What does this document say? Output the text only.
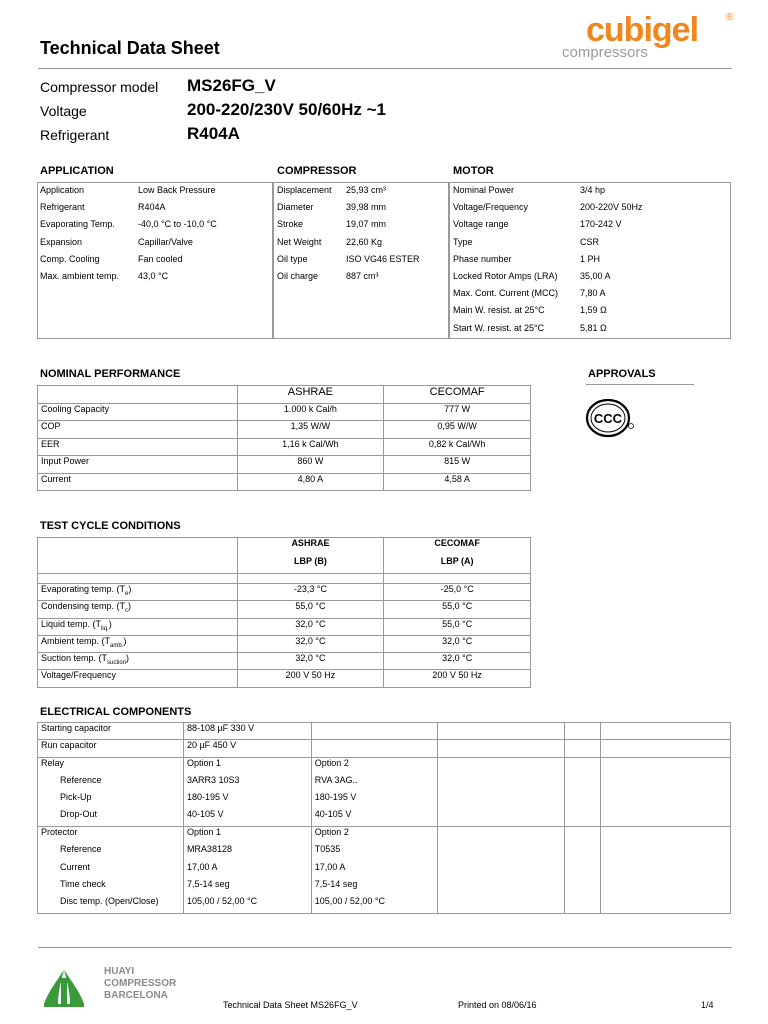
Technical Data Sheet	cubigel	®
compressors
Compressor model MS26FG_V
Voltage	200-220/230V 50/60Hz ~1
Refrigerant	R404A
APPLICATION	COMPRESSOR	MOTOR
Application	Low Back Pressure
Refrigerant	R404A
Evaporating Temp.	-40,0 °C to -10,0 °C
Expansion	Capillar/Valve
Comp. Cooling	Fan cooled
Max. ambient temp.	43,0 °C
Displacement	25,93 cm³
Diameter	39,98 mm
Stroke	19,07 mm
Net Weight	22,60 Kg
Oil type	ISO VG46 ESTER
Oil charge	887 cm³
Nominal Power	3/4 hp
Voltage/Frequency	200-220V 50Hz
Voltage range	170-242 V
Type	CSR
Phase number	1 PH
Locked Rotor Amps (LRA)	35,00 A
Max. Cont. Current (MCC)	7,80 A
Main W. resist. at 25°C	1,59 Ω
Start W. resist. at 25°C	5,81 Ω
NOMINAL PERFORMANCE	APPROVALS
	ASHRAE	CECOMAF
Cooling Capacity	1.000 k Cal/h	777 W
COP	1,35 W/W	0,95 W/W
EER	1,16 k Cal/Wh	0,82 k Cal/Wh
Input Power	860 W	815 W
Current	4,80 A	4,58 A
CCC
TEST CYCLE CONDITIONS
	ASHRAE	CECOMAF
	LBP (B)	LBP (A)

Evaporating temp. $(T_e)$	-23,3 °C	-25,0 °C
Condensing temp. $(T_c)$	55,0 °C	55,0 °C
Liquid temp. $(T_{liq.})$	32,0 °C	55,0 °C
Ambient temp. $(T_{amb.})$	32,0 °C	32,0 °C
Suction temp. $(T_{suction})$	32,0 °C	32,0 °C
Voltage/Frequency	200 V 50 Hz	200 V 50 Hz
ELECTRICAL COMPONENTS
Starting capacitor	88-108 µF 330 V				
Run capacitor	20 µF 450 V				
Relay	Option 1	Option 2			
Reference	3ARR3 10S3	RVA 3AG..			
Pick-Up	180-195 V	180-195 V			
Drop-Out	40-105 V	40-105 V			
Protector	Option 1	Option 2			
Reference	MRA38128	T0535			
Current	17,00 A	17,00 A			
Time check	7,5-14 seg	7,5-14 seg			
Disc temp. (Open/Close)	105,00 / 52,00 °C	105,00 / 52,00 °C			
HUAYI
COMPRESSOR
BARCELONA
Technical Data Sheet MS26FG_V	Printed on 08/06/16	1/4
